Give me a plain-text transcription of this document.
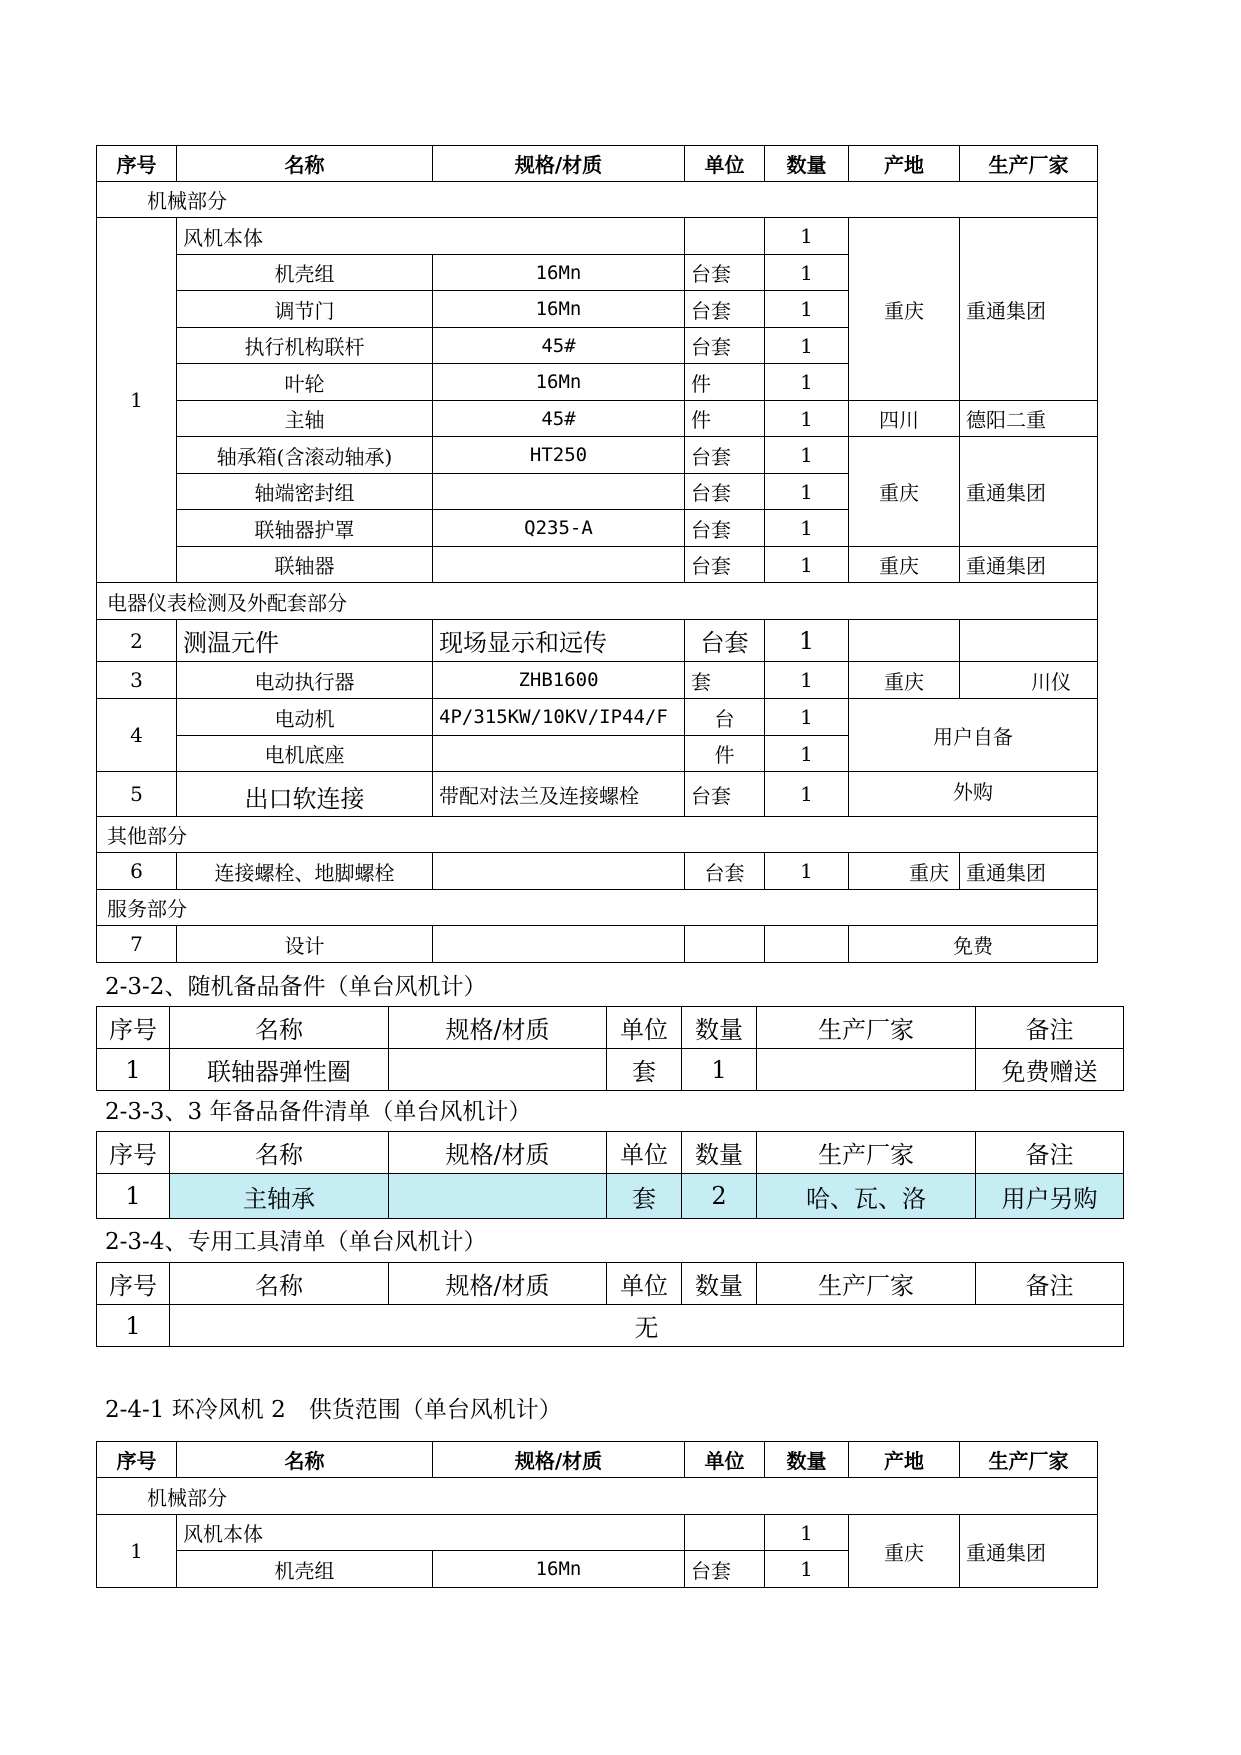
序号	名称	规格/材质	单位	数量	产地	生产厂家
机械部分						
1	风机本体			1	重庆	重通集团
	机壳组	16Mn	台套	1		
	调节门	16Mn	台套	1		
	执行机构联杆	45#	台套	1		
	叶轮	16Mn	件	1		
	主轴	45#	件	1	四川	德阳二重
	轴承箱(含滚动轴承)	HT250	台套	1	重庆	重通集团
	轴端密封组		台套	1		
	联轴器护罩	Q235-A	台套	1		
	联轴器		台套	1	重庆	重通集团
电器仪表检测及外配套部分						
2	测温元件	现场显示和远传	台套	1		
3	电动执行器	ZHB1600	套	1	重庆	川仪
4	电动机	4P/315KW/10KV/IP44/F	台	1	用户自备	
	电机底座		件	1		
5	出口软连接	带配对法兰及连接螺栓	台套	1	外购	
其他部分						
6	连接螺栓、地脚螺栓		台套	1	重庆	重通集团
服务部分						
7	设计				免费	
2-3-2、随机备品备件（单台风机计）
序号	名称	规格/材质	单位	数量	生产厂家	备注
1	联轴器弹性圈		套	1		免费赠送
2-3-3、3 年备品备件清单（单台风机计）
序号	名称	规格/材质	单位	数量	生产厂家	备注
1	主轴承		套	2	哈、瓦、洛	用户另购
2-3-4、专用工具清单（单台风机计）
序号	名称	规格/材质	单位	数量	生产厂家	备注
1	无					
2-4-1 环冷风机 2　供货范围（单台风机计）
序号	名称	规格/材质	单位	数量	产地	生产厂家
机械部分						
1	风机本体			1	重庆	重通集团
	机壳组	16Mn	台套	1		
